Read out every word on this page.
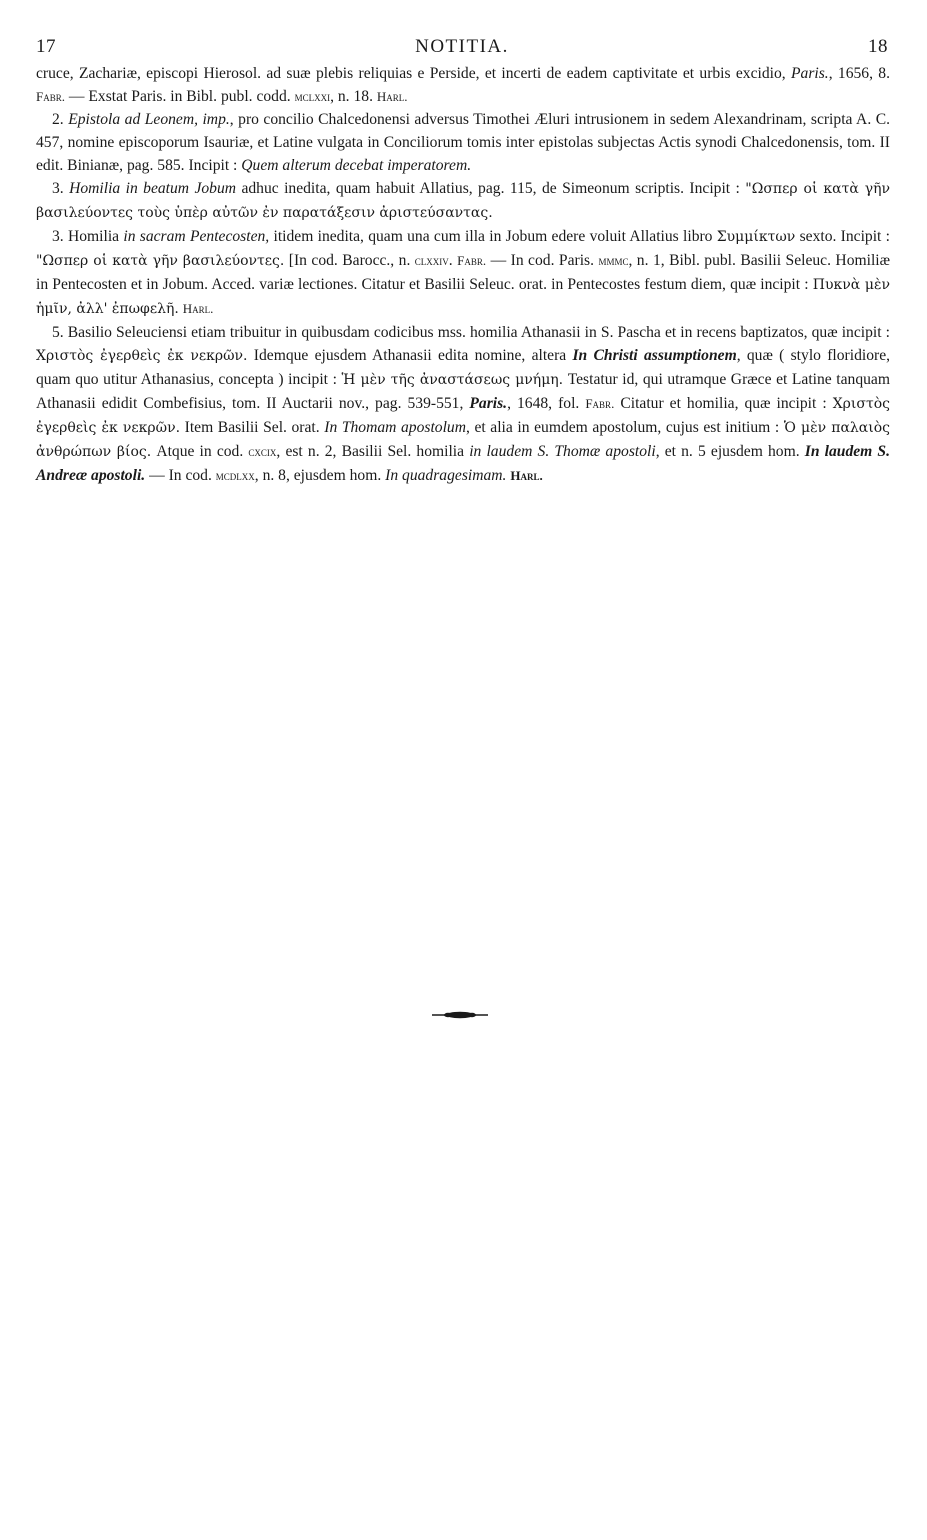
17	NOTITIA.	18

cruce, Zachariæ, episcopi Hierosol. ad suæ plebis reliquias e Perside, et incerti de eadem captivitate et urbis excidio, Paris., 1656, 8. Fabr. — Exstat Paris. in Bibl. publ. codd. mclxxi, n. 18. Harl.

2. Epistola ad Leonem, imp., pro concilio Chalcedonensi adversus Timothei Æluri intrusionem in sedem Alexandrinam, scripta A. C. 457, nomine episcoporum Isauriæ, et Latine vulgata in Conciliorum tomis inter epistolas subjectas Actis synodi Chalcedonensis, tom. II edit. Binianæ, pag. 585. Incipit : Quem alterum decebat imperatorem.

3. Homilia in beatum Jobum adhuc inedita, quam habuit Allatius, pag. 115, de Simeonum scriptis. Incipit : "Ωσπερ οἱ κατὰ γῆν βασιλεύοντες τοὺς ὑπὲρ αὐτῶν ἐν παρατάξεσιν ἀριστεύσαντας.

3. Homilia in sacram Pentecosten, itidem inedita, quam una cum illa in Jobum edere voluit Allatius libro Συμμίκτων sexto. Incipit : "Ωσπερ οἱ κατὰ γῆν βασιλεύοντες. [In cod. Barocc., n. clxxiv. Fabr. — In cod. Paris. mmmc, n. 1, Bibl. publ. Basilii Seleuc. Homiliæ in Pentecosten et in Jobum. Acced. variæ lectiones. Citatur et Basilii Seleuc. orat. in Pentecostes festum diem, quæ incipit : Πυκνὰ μὲν ἡμῖν, ἀλλ' ἐπωφελῆ. Harl.

5. Basilio Seleuciensi etiam tribuitur in quibusdam codicibus mss. homilia Athanasii in S. Pascha et in recens baptizatos, quæ incipit : Χριστὸς ἐγερθεὶς ἐκ νεκρῶν. Idemque ejusdem Athanasii edita nomine, altera In Christi assumptionem, quæ ( stylo floridiore, quam quo utitur Athanasius, concepta ) incipit : Ἡ μὲν τῆς ἀναστάσεως μνήμη. Testatur id, qui utramque Græce et Latine tanquam Athanasii edidit Combefisius, tom. II Auctarii nov., pag. 539-551, Paris., 1648, fol. Fabr. Citatur et homilia, quæ incipit : Χριστὸς ἐγερθεὶς ἐκ νεκρῶν. Item Basilii Sel. orat. In Thomam apostolum, et alia in eumdem apostolum, cujus est initium : Ὁ μὲν παλαιὸς ἀνθρώπων βίος. Atque in cod. cxcix, est n. 2, Basilii Sel. homilia in laudem S. Thomæ apostoli, et n. 5 ejusdem hom. In laudem S. Andreæ apostoli. — In cod. mcdlxx, n. 8, ejusdem hom. In quadragesimam. Harl.
